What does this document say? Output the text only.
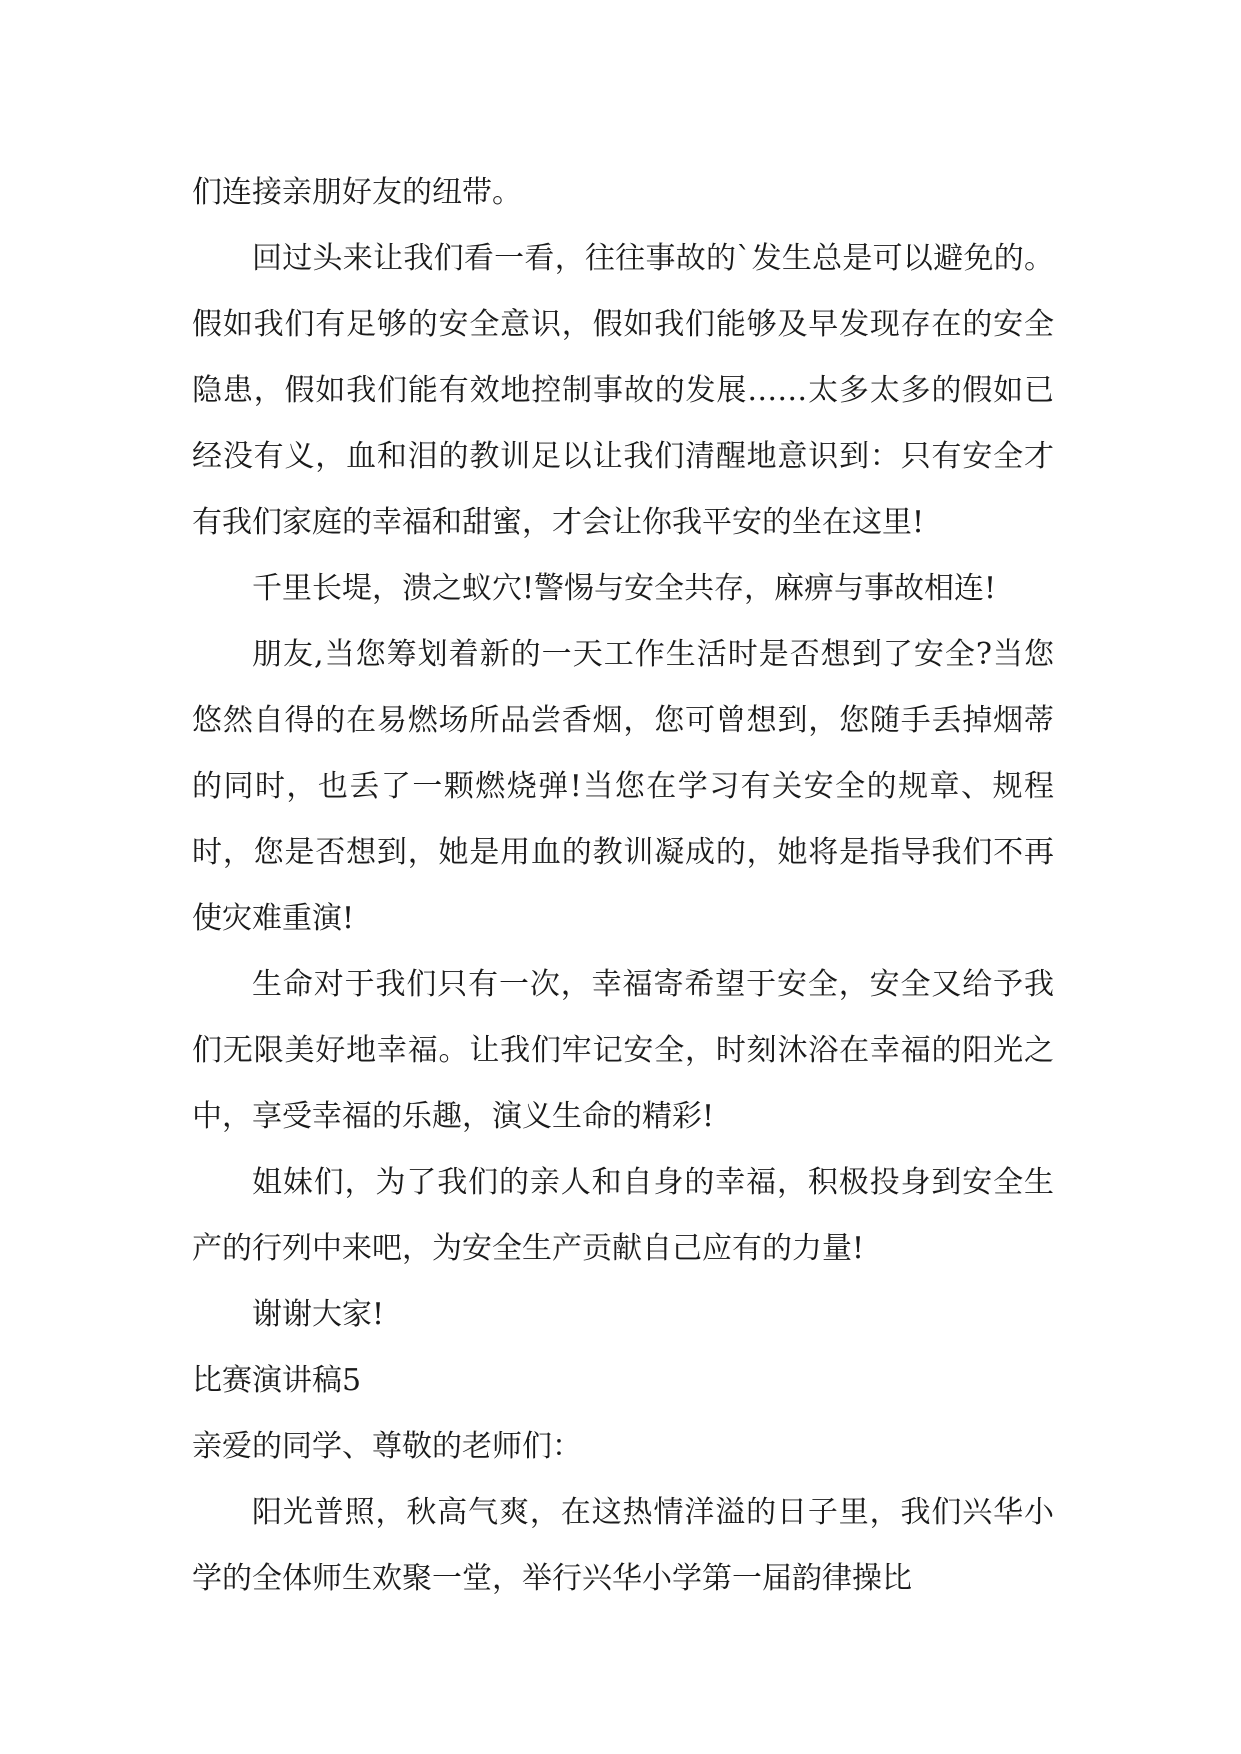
们连接亲朋好友的纽带。

回过头来让我们看一看，往往事故的`发生总是可以避免的。假如我们有足够的安全意识，假如我们能够及早发现存在的安全隐患，假如我们能有效地控制事故的发展……太多太多的假如已经没有义，血和泪的教训足以让我们清醒地意识到：只有安全才有我们家庭的幸福和甜蜜，才会让你我平安的坐在这里!

千里长堤，溃之蚁穴!警惕与安全共存，麻痹与事故相连!

朋友,当您筹划着新的一天工作生活时是否想到了安全?当您悠然自得的在易燃场所品尝香烟，您可曾想到，您随手丢掉烟蒂的同时，也丢了一颗燃烧弹!当您在学习有关安全的规章、规程时，您是否想到，她是用血的教训凝成的，她将是指导我们不再使灾难重演!

生命对于我们只有一次，幸福寄希望于安全，安全又给予我们无限美好地幸福。让我们牢记安全，时刻沐浴在幸福的阳光之中，享受幸福的乐趣，演义生命的精彩!

姐妹们，为了我们的亲人和自身的幸福，积极投身到安全生产的行列中来吧，为安全生产贡献自己应有的力量!

谢谢大家!

比赛演讲稿5

亲爱的同学、尊敬的老师们：

阳光普照，秋高气爽，在这热情洋溢的日子里，我们兴华小学的全体师生欢聚一堂，举行兴华小学第一届韵律操比
